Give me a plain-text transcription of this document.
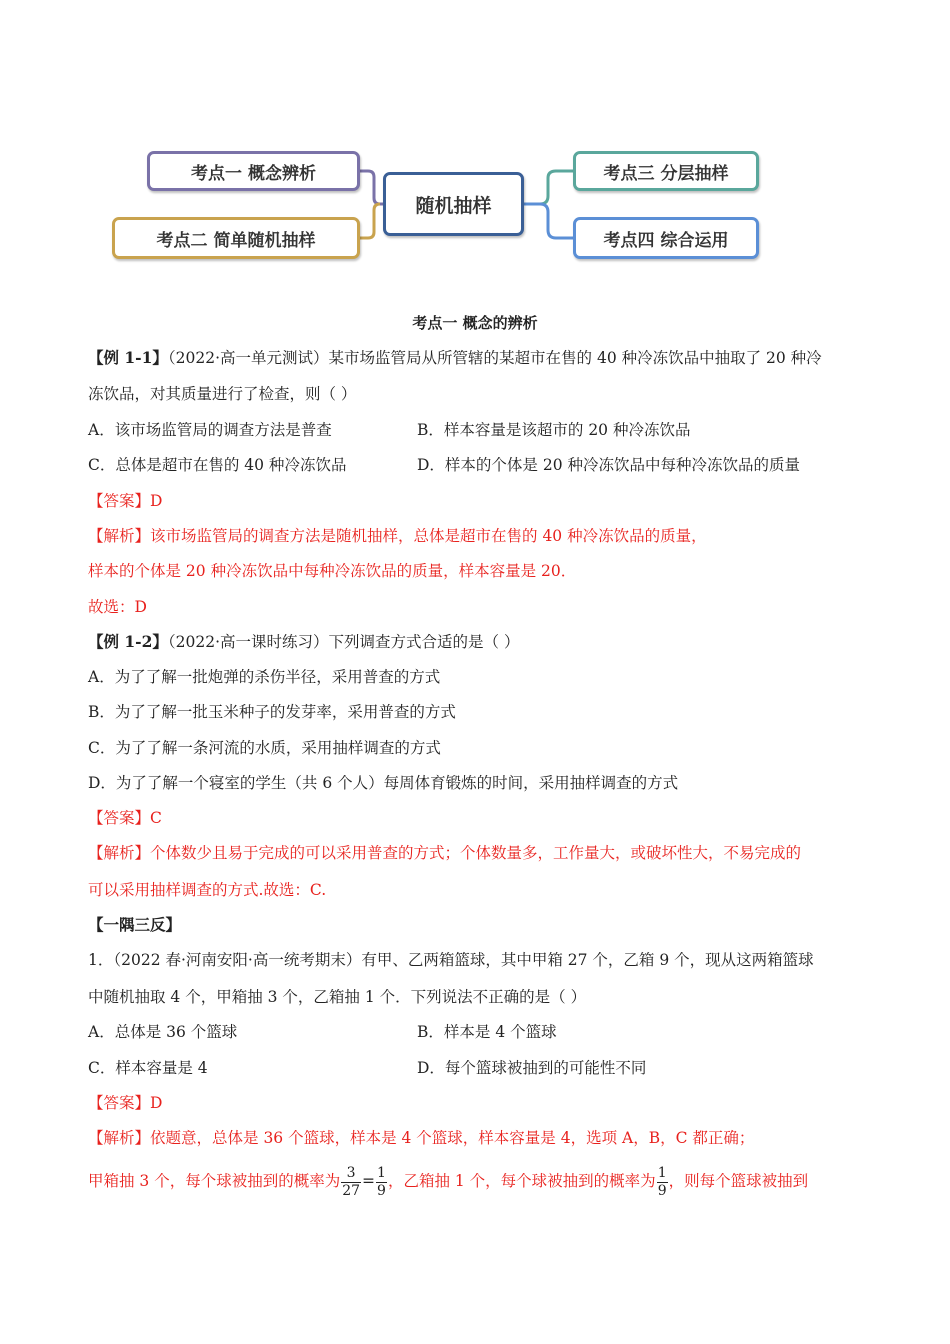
随机抽样
考点一 概念辨析
考点二 简单随机抽样
考点三 分层抽样
考点四 综合运用
考点一 概念的辨析
【例 1-1】（2022·高一单元测试）某市场监管局从所管辖的某超市在售的 40 种冷冻饮品中抽取了 20 种冷
冻饮品，对其质量进行了检查，则（ ）
A．该市场监管局的调查方法是普查	B．样本容量是该超市的 20 种冷冻饮品
C．总体是超市在售的 40 种冷冻饮品	D．样本的个体是 20 种冷冻饮品中每种冷冻饮品的质量
【答案】D
【解析】该市场监管局的调查方法是随机抽样，总体是超市在售的 40 种冷冻饮品的质量，
样本的个体是 20 种冷冻饮品中每种冷冻饮品的质量，样本容量是 20．
故选：D
【例 1-2】（2022·高一课时练习）下列调查方式合适的是（ ）
A．为了了解一批炮弹的杀伤半径，采用普查的方式
B．为了了解一批玉米种子的发芽率，采用普查的方式
C．为了了解一条河流的水质，采用抽样调查的方式
D．为了了解一个寝室的学生（共 6 个人）每周体育锻炼的时间，采用抽样调查的方式
【答案】C
【解析】个体数少且易于完成的可以采用普查的方式；个体数量多，工作量大，或破坏性大，不易完成的
可以采用抽样调查的方式.故选：C.
【一隅三反】
1．（2022 春·河南安阳·高一统考期末）有甲、乙两箱篮球，其中甲箱 27 个，乙箱 9 个，现从这两箱篮球
中随机抽取 4 个，甲箱抽 3 个，乙箱抽 1 个．下列说法不正确的是（ ）
A．总体是 36 个篮球	B．样本是 4 个篮球
C．样本容量是 4	D．每个篮球被抽到的可能性不同
【答案】D
【解析】依题意，总体是 36 个篮球，样本是 4 个篮球，样本容量是 4，选项 A，B，C 都正确；
甲箱抽 3 个，每个球被抽到的概率为 $\frac{3}{27} = \frac{1}{9}$ ，乙箱抽 1 个，每个球被抽到的概率为 $\frac{1}{9}$ ，则每个篮球被抽到
